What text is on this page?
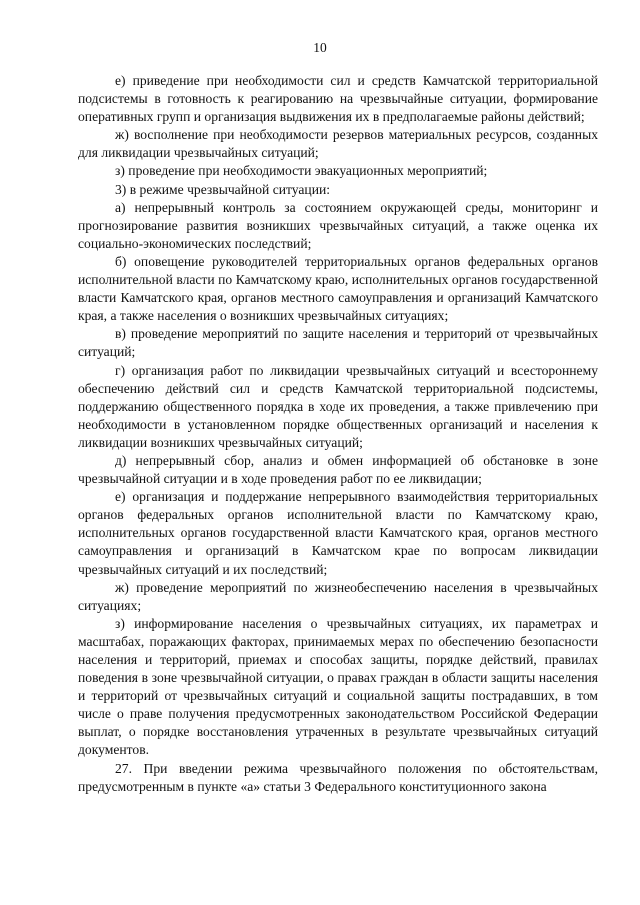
10

е) приведение при необходимости сил и средств Камчатской территориальной подсистемы в готовность к реагированию на чрезвычайные ситуации, формирование оперативных групп и организация выдвижения их в предполагаемые районы действий;

ж) восполнение при необходимости резервов материальных ресурсов, созданных для ликвидации чрезвычайных ситуаций;

з) проведение при необходимости эвакуационных мероприятий;

3) в режиме чрезвычайной ситуации:

а) непрерывный контроль за состоянием окружающей среды, мониторинг и прогнозирование развития возникших чрезвычайных ситуаций, а также оценка их социально-экономических последствий;

б) оповещение руководителей территориальных органов федеральных органов исполнительной власти по Камчатскому краю, исполнительных органов государственной власти Камчатского края, органов местного самоуправления и организаций Камчатского края, а также населения о возникших чрезвычайных ситуациях;

в) проведение мероприятий по защите населения и территорий от чрезвычайных ситуаций;

г) организация работ по ликвидации чрезвычайных ситуаций и всестороннему обеспечению действий сил и средств Камчатской территориальной подсистемы, поддержанию общественного порядка в ходе их проведения, а также привлечению при необходимости в установленном порядке общественных организаций и населения к ликвидации возникших чрезвычайных ситуаций;

д) непрерывный сбор, анализ и обмен информацией об обстановке в зоне чрезвычайной ситуации и в ходе проведения работ по ее ликвидации;

е) организация и поддержание непрерывного взаимодействия территориальных органов федеральных органов исполнительной власти по Камчатскому краю, исполнительных органов государственной власти Камчатского края, органов местного самоуправления и организаций в Камчатском крае по вопросам ликвидации чрезвычайных ситуаций и их последствий;

ж) проведение мероприятий по жизнеобеспечению населения в чрезвычайных ситуациях;

з) информирование населения о чрезвычайных ситуациях, их параметрах и масштабах, поражающих факторах, принимаемых мерах по обеспечению безопасности населения и территорий, приемах и способах защиты, порядке действий, правилах поведения в зоне чрезвычайной ситуации, о правах граждан в области защиты населения и территорий от чрезвычайных ситуаций и социальной защиты пострадавших, в том числе о праве получения предусмотренных законодательством Российской Федерации выплат, о порядке восстановления утраченных в результате чрезвычайных ситуаций документов.

27. При введении режима чрезвычайного положения по обстоятельствам, предусмотренным в пункте «а» статьи 3 Федерального конституционного закона
